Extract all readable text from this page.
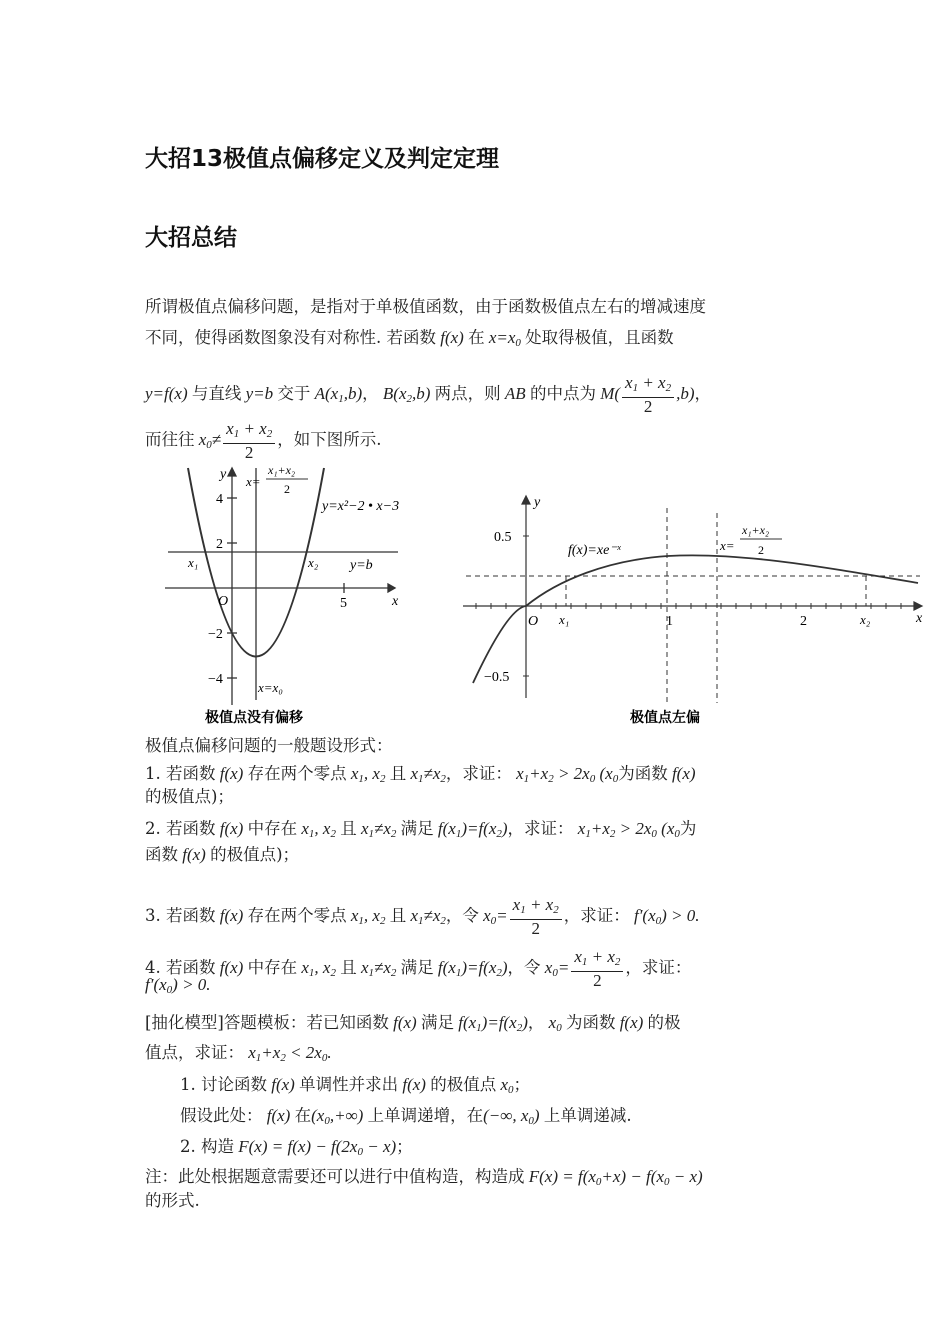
大招13极值点偏移定义及判定定理
大招总结
所谓极值点偏移问题，是指对于单极值函数，由于函数极值点左右的增减速度
不同，使得函数图象没有对称性. 若函数 f(x) 在 $x=x_0$ 处取得极值，且函数
y=f(x) 与直线 y=b 交于 $A(x_1,b)$， $B(x_2,b)$ 两点，则 AB 的中点为 $M( \frac{x_1 + x_2}{2} ,b)$，
而往往 $x_0\ne \frac{x_1 + x_2}{2}$ ，如下图所示.
4
2
−2
−4
5
O	x
y
x₁	x₂ y=b
y=x²−2 • x−3
x=
x₁+x₂
2
x=x₀
极值点没有偏移
0.5
−0.5
1	2
O	x
y
x₁	x₂
f(x)=xe⁻ˣ	x=
x₁+x₂
2
极值点左偏
极值点偏移问题的一般题设形式：
1. 若函数 f(x) 存在两个零点 $x_1$, $x_2$ 且 $x_1\ne x_2$，求证： $x_1+x_2 > 2x_0$ ($x_0$为函数 f(x)
的极值点)；
2. 若函数 f(x) 中存在 $x_1$, $x_2$ 且 $x_1\ne x_2$ 满足 $f(x_1)=f(x_2)$，求证： $x_1+x_2 > 2x_0$ ($x_0$为
函数 f(x) 的极值点)；
3. 若函数 f(x) 存在两个零点 $x_1$, $x_2$ 且 $x_1\ne x_2$，令 $x_0= \frac{x_1 + x_2}{2}$ ，求证： $f'(x_0) > 0$.
4. 若函数 f(x) 中存在 $x_1$, $x_2$ 且 $x_1\ne x_2$ 满足 $f(x_1)=f(x_2)$，令 $x_0= \frac{x_1 + x_2}{2}$ ，求证：
$f'(x_0) > 0$.
[抽化模型]答题模板：若已知函数 f(x) 满足 $f(x_1)=f(x_2)$， $x_0$ 为函数 f(x) 的极
值点，求证： $x_1+x_2 < 2x_0$.
1. 讨论函数 f(x) 单调性并求出 f(x) 的极值点 $x_0$；
假设此处： f(x) 在$(x_0,+\infty)$ 上单调递增，在(−∞, $x_0$) 上单调递减.
2. 构造 $F(x) = f(x) - f(2x_0 - x)$；
注：此处根据题意需要还可以进行中值构造，构造成 $F(x) = f(x_0+x) - f(x_0 - x)$
的形式.
